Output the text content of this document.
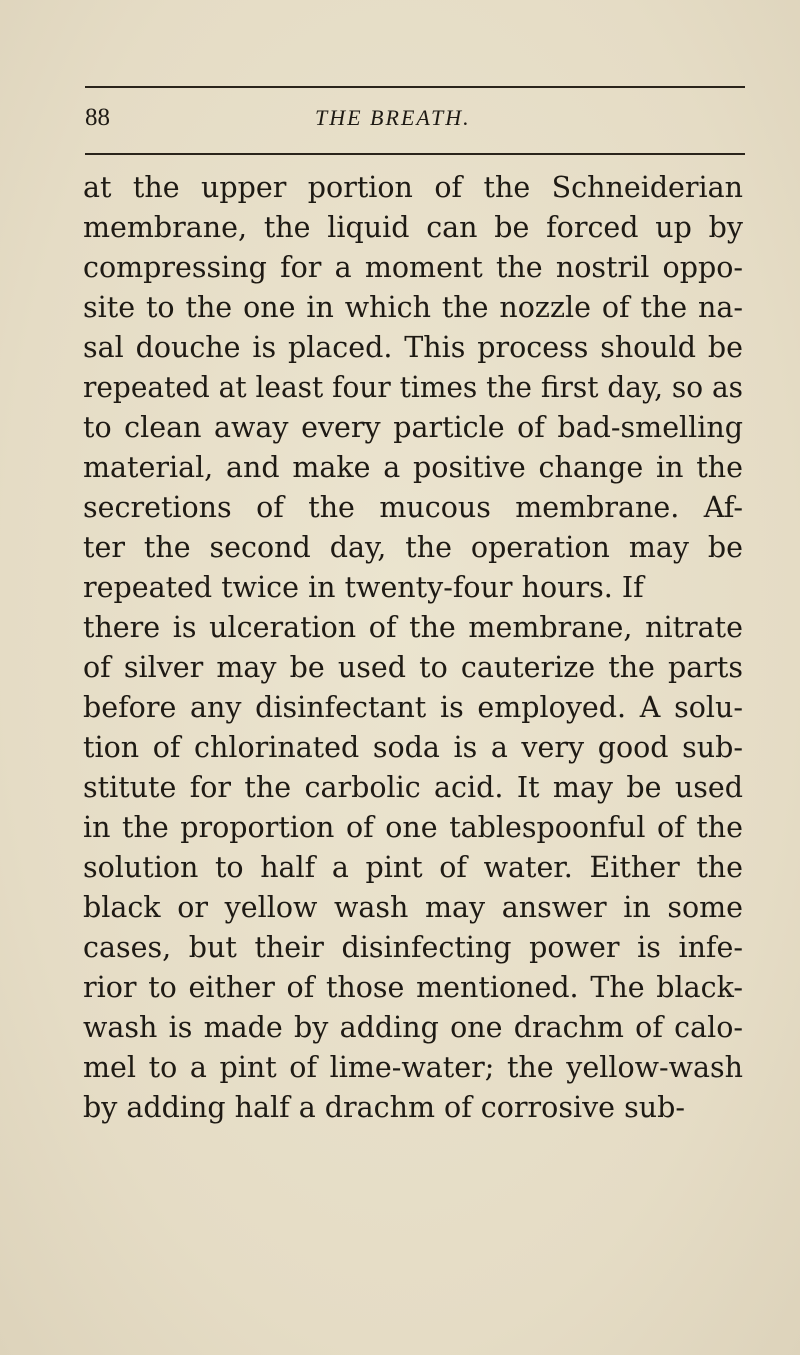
88	THE BREATH.
at the upper portion of the Schneiderian
membrane, the liquid can be forced up by
compressing for a moment the nostril oppo-
site to the one in which the nozzle of the na-
sal douche is placed. This process should be
repeated at least four times the first day, so as
to clean away every particle of bad-smelling
material, and make a positive change in the
secretions of the mucous membrane. Af-
ter the second day, the operation may be
repeated twice in twenty-four hours. If
there is ulceration of the membrane, nitrate
of silver may be used to cauterize the parts
before any disinfectant is employed. A solu-
tion of chlorinated soda is a very good sub-
stitute for the carbolic acid. It may be used
in the proportion of one tablespoonful of the
solution to half a pint of water. Either the
black or yellow wash may answer in some
cases, but their disinfecting power is infe-
rior to either of those mentioned. The black-
wash is made by adding one drachm of calo-
mel to a pint of lime-water; the yellow-wash
by adding half a drachm of corrosive sub-
